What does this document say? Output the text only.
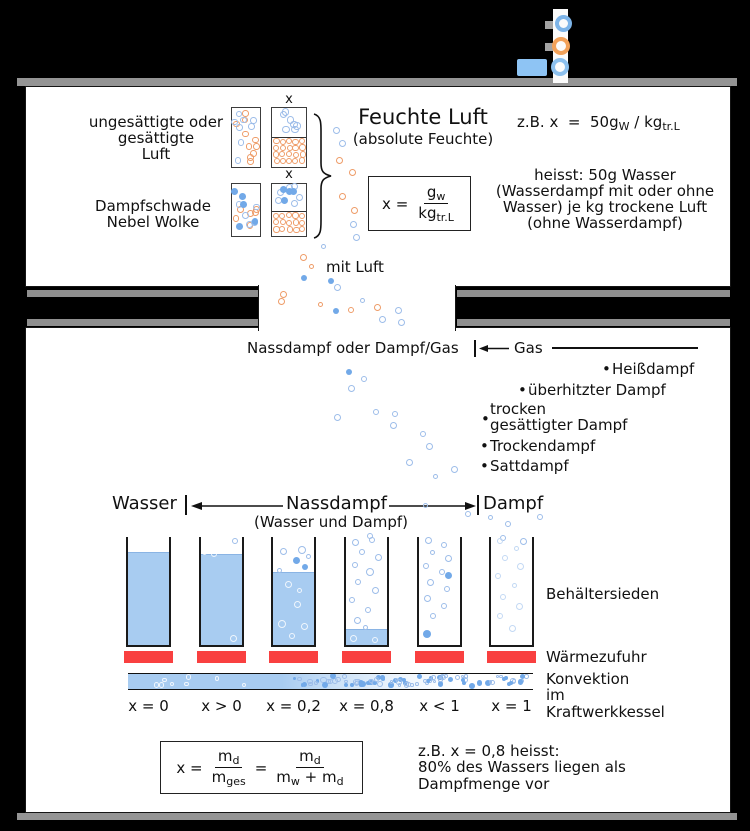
ungesättigte oder
gesättigte
Luft
Dampfschwade
Nebel Wolke
x
x
Feuchte Luft
(absolute Feuchte)
z.B. $x = 50g_W / kg_{tr.L}$
$x = \frac{g_w}{kg_{tr.L}}$
heisst: 50g Wasser
(Wasserdampf mit oder ohne
Wasser) je kg trockene Luft
(ohne Wasserdampf)
mit Luft
Nassdampf oder Dampf/Gas	Gas
• Heißdampf
• überhitzter Dampf
•
trocken
gesättigter Dampf
• Trockendampf
• Sattdampf
Wasser	Nassdampf	Dampf
(Wasser und Dampf)
x = 0	x > 0	x = 0,2	x = 0,8	x < 1	x = 1
Behältersieden
Wärmezufuhr
Konvektion
im
Kraftwerkkessel
$x = \frac{m_d}{m_{ges}} = \frac{m_d}{m_w + m_d}$	z.B. x = 0,8 heisst:
80% des Wassers liegen als
Dampfmenge vor
